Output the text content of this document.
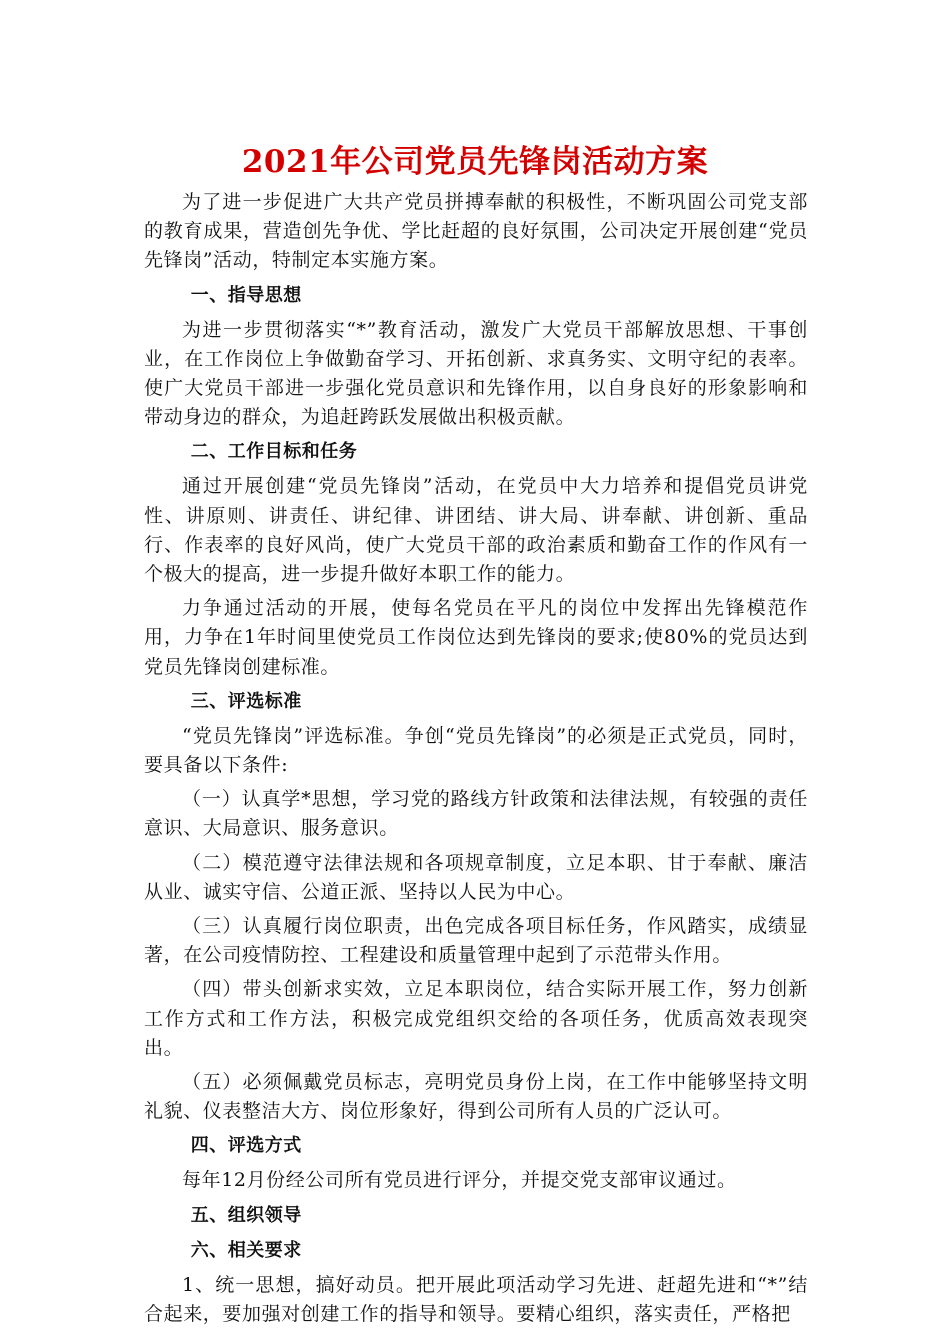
2021年公司党员先锋岗活动方案
为了进一步促进广大共产党员拼搏奉献的积极性，不断巩固公司党支部的教育成果，营造创先争优、学比赶超的良好氛围，公司决定开展创建“党员先锋岗”活动，特制定本实施方案。
一、指导思想
为进一步贯彻落实“*”教育活动，激发广大党员干部解放思想、干事创业，在工作岗位上争做勤奋学习、开拓创新、求真务实、文明守纪的表率。使广大党员干部进一步强化党员意识和先锋作用，以自身良好的形象影响和带动身边的群众，为追赶跨跃发展做出积极贡献。
二、工作目标和任务
通过开展创建“党员先锋岗”活动，在党员中大力培养和提倡党员讲党性、讲原则、讲责任、讲纪律、讲团结、讲大局、讲奉献、讲创新、重品行、作表率的良好风尚，使广大党员干部的政治素质和勤奋工作的作风有一个极大的提高，进一步提升做好本职工作的能力。
力争通过活动的开展，使每名党员在平凡的岗位中发挥出先锋模范作用，力争在1年时间里使党员工作岗位达到先锋岗的要求;使80%的党员达到党员先锋岗创建标准。
三、评选标准
“党员先锋岗”评选标准。争创“党员先锋岗”的必须是正式党员，同时，要具备以下条件:
（一）认真学*思想，学习党的路线方针政策和法律法规，有较强的责任意识、大局意识、服务意识。
（二）模范遵守法律法规和各项规章制度，立足本职、甘于奉献、廉洁从业、诚实守信、公道正派、坚持以人民为中心。
（三）认真履行岗位职责，出色完成各项目标任务，作风踏实，成绩显著，在公司疫情防控、工程建设和质量管理中起到了示范带头作用。
（四）带头创新求实效，立足本职岗位，结合实际开展工作，努力创新工作方式和工作方法，积极完成党组织交给的各项任务，优质高效表现突出。
（五）必须佩戴党员标志，亮明党员身份上岗，在工作中能够坚持文明礼貌、仪表整洁大方、岗位形象好，得到公司所有人员的广泛认可。
四、评选方式
每年12月份经公司所有党员进行评分，并提交党支部审议通过。
五、组织领导
六、相关要求
1、统一思想，搞好动员。把开展此项活动学习先进、赶超先进和“*”结合起来，要加强对创建工作的指导和领导。要精心组织，落实责任，严格把
